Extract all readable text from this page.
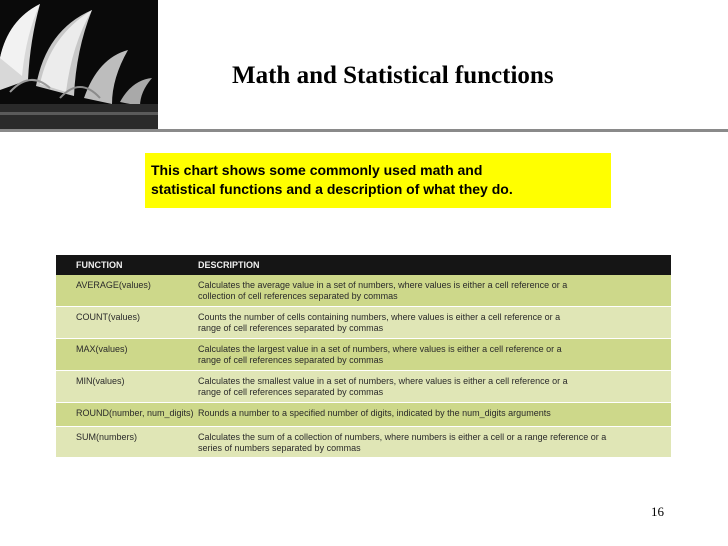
Math and Statistical functions
This chart shows some commonly used math and
statistical functions and a description of what they do.
FUNCTION	DESCRIPTION
AVERAGE(values)	Calculates the average value in a set of numbers, where values is either a cell reference or a
collection of cell references separated by commas
COUNT(values)	Counts the number of cells containing numbers, where values is either a cell reference or a
range of cell references separated by commas
MAX(values)	Calculates the largest value in a set of numbers, where values is either a cell reference or a
range of cell references separated by commas
MIN(values)	Calculates the smallest value in a set of numbers, where values is either a cell reference or a
range of cell references separated by commas
ROUND(number, num_digits) Rounds a number to a specified number of digits, indicated by the num_digits arguments
SUM(numbers)	Calculates the sum of a collection of numbers, where numbers is either a cell or a range reference or a
series of numbers separated by commas
16
